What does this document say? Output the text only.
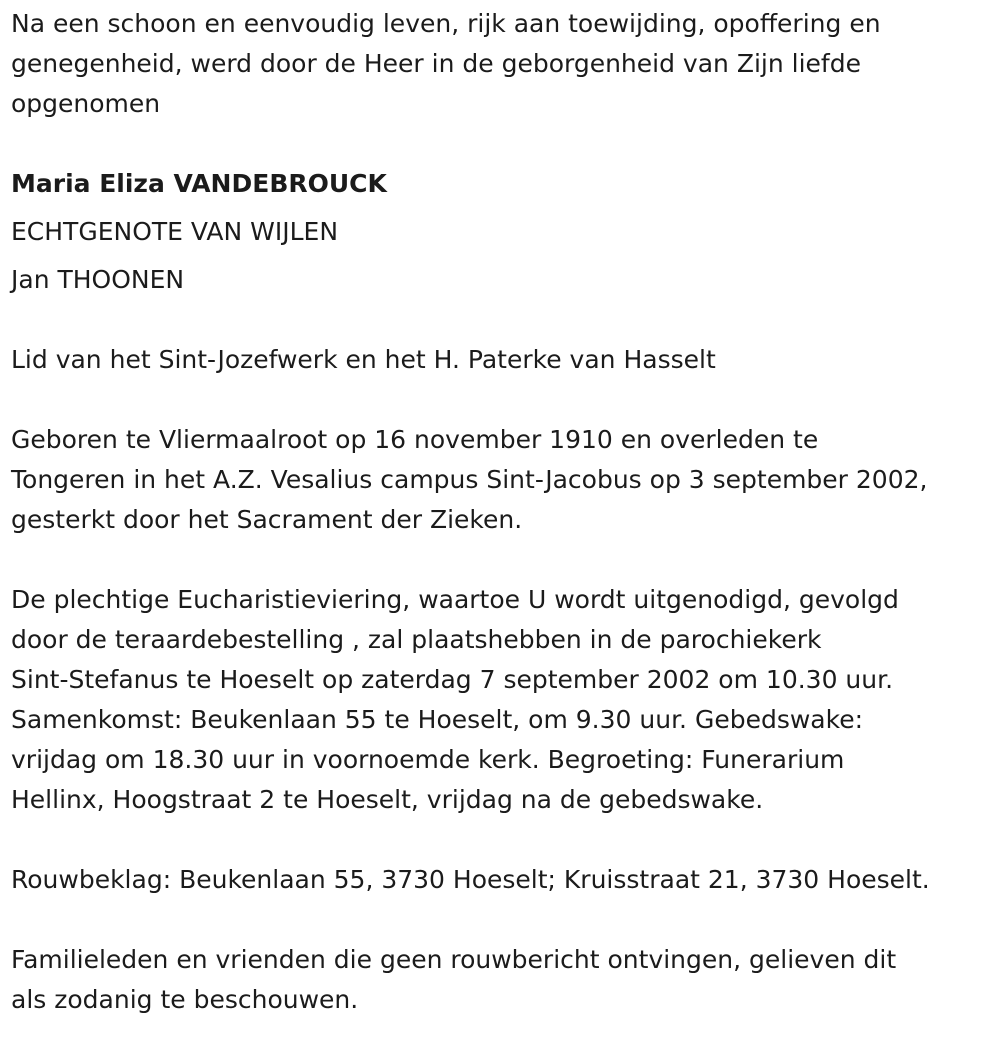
Na een schoon en eenvoudig leven, rijk aan toewijding, opoffering en
genegenheid, werd door de Heer in de geborgenheid van Zijn liefde
opgenomen
Maria Eliza VANDEBROUCK
ECHTGENOTE VAN WIJLEN
Jan THOONEN
Lid van het Sint-Jozefwerk en het H. Paterke van Hasselt
Geboren te Vliermaalroot op 16 november 1910 en overleden te
Tongeren in het A.Z. Vesalius campus Sint-Jacobus op 3 september 2002,
gesterkt door het Sacrament der Zieken.
De plechtige Eucharistieviering, waartoe U wordt uitgenodigd, gevolgd
door de teraardebestelling , zal plaatshebben in de parochiekerk
Sint-Stefanus te Hoeselt op zaterdag 7 september 2002 om 10.30 uur.
Samenkomst: Beukenlaan 55 te Hoeselt, om 9.30 uur. Gebedswake:
vrijdag om 18.30 uur in voornoemde kerk. Begroeting: Funerarium
Hellinx, Hoogstraat 2 te Hoeselt, vrijdag na de gebedswake.
Rouwbeklag: Beukenlaan 55, 3730 Hoeselt; Kruisstraat 21, 3730 Hoeselt.
Familieleden en vrienden die geen rouwbericht ontvingen, gelieven dit
als zodanig te beschouwen.
